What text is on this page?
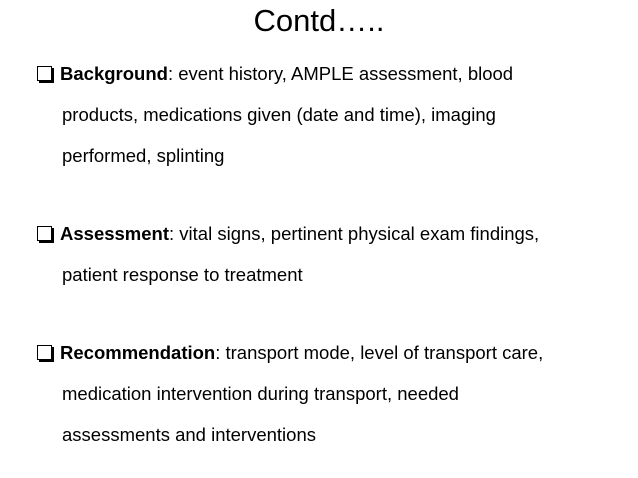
Contd…..
Background: event history, AMPLE assessment, blood
products, medications given (date and time), imaging
performed, splinting
Assessment: vital signs, pertinent physical exam findings,
patient response to treatment
Recommendation: transport mode, level of transport care,
medication intervention during transport, needed
assessments and interventions
